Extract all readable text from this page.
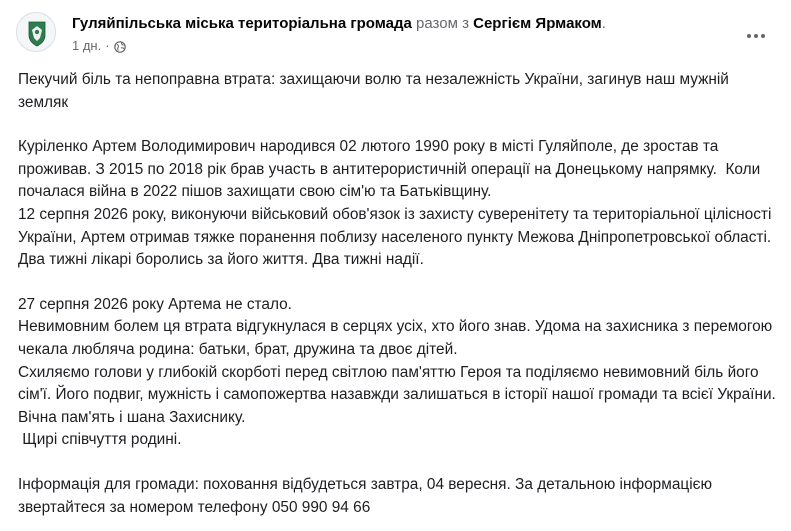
Гуляйпільська міська територіальна громада разом з Сергієм Ярмаком.
1 дн. ·

Пекучий біль та непоправна втрата: захищаючи волю та незалежність України, загинув наш мужній земляк

Куріленко Артем Володимирович народився 02 лютого 1990 року в місті Гуляйполе, де зростав та проживав. З 2015 по 2018 рік брав участь в антитерористичній операції на Донецькому напрямку.  Коли почалася війна в 2022 пішов захищати свою сім'ю та Батьківщину.

12 серпня 2026 року, виконуючи військовий обов'язок із захисту суверенітету та територіальної цілісності України, Артем отримав тяжке поранення поблизу населеного пункту Межова Дніпропетровської області.

Два тижні лікарі боролись за його життя. Два тижні надії.

27 серпня 2026 року Артема не стало.

Невимовним болем ця втрата відгукнулася в серцях усіх, хто його знав. Удома на захисника з перемогою чекала люблячa родина: батьки, брат, дружина та двоє дітей.

Схиляємо голови у глибокій скорботі перед світлою пам'яттю Героя та поділяємо невимовний біль його сім'ї. Його подвиг, мужність і самопожертва назавжди залишаться в історії нашої громади та всієї України.

Вічна пам'ять і шана Захиснику.

Щирі співчуття родині.

Інформація для громади: поховання відбудеться завтра, 04 вересня. За детальною інформацією звертайтеся за номером телефону 050 990 94 66
